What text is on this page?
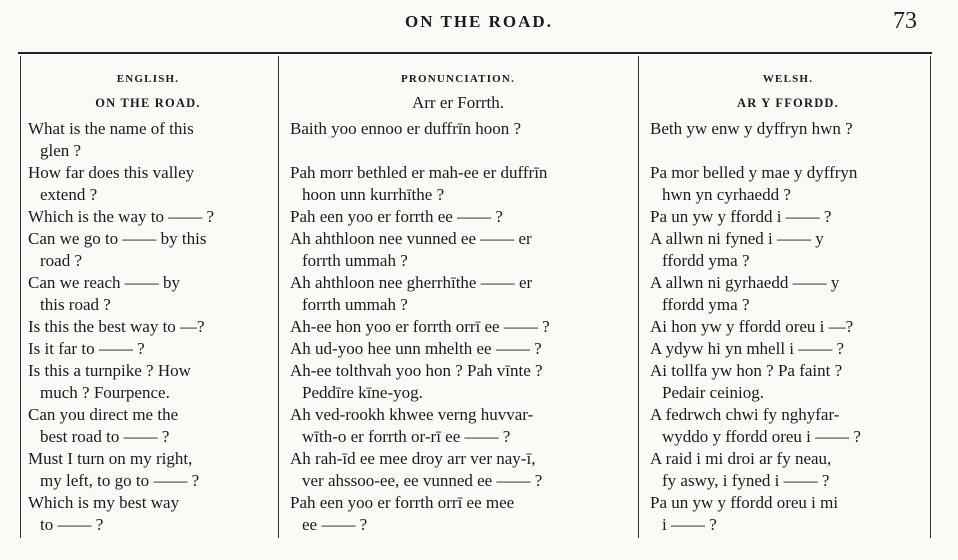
ON THE ROAD.	73
ENGLISH.
ON THE ROAD.
What is the name of this
glen ?
How far does this valley
extend ?
Which is the way to —— ?
Can we go to —— by this
road ?
Can we reach —— by
this road ?
Is this the best way to —?
Is it far to —— ?
Is this a turnpike ? How
much ? Fourpence.
Can you direct me the
best road to —— ?
Must I turn on my right,
my left, to go to —— ?
Which is my best way
to —— ?
PRONUNCIATION.
Arr er Forrth.
Baith yoo ennoo er duffrīn hoon ?
Pah morr bethled er mah-ee er duffrīn
hoon unn kurrhīthe ?
Pah een yoo er forrth ee —— ?
Ah ahthloon nee vunned ee —— er
forrth ummah ?
Ah ahthloon nee gherrhīthe —— er
forrth ummah ?
Ah-ee hon yoo er forrth orrī ee —— ?
Ah ud-yoo hee unn mhelth ee —— ?
Ah-ee tolthvah yoo hon ? Pah vīnte ?
Peddīre kīne-yog.
Ah ved-rookh khwee verng huvvar-
wīth-o er forrth or-rī ee —— ?
Ah rah-īd ee mee droy arr ver nay-ī,
ver ahssoo-ee, ee vunned ee —— ?
Pah een yoo er forrth orrī ee mee
ee —— ?
WELSH.
AR Y FFORDD.
Beth yw enw y dyffryn hwn ?
Pa mor belled y mae y dyffryn
hwn yn cyrhaedd ?
Pa un yw y ffordd i —— ?
A allwn ni fyned i —— y
ffordd yma ?
A allwn ni gyrhaedd —— y
ffordd yma ?
Ai hon yw y ffordd oreu i —?
A ydyw hi yn mhell i —— ?
Ai tollfa yw hon ? Pa faint ?
Pedair ceiniog.
A fedrwch chwi fy nghyfar-
wyddo y ffordd oreu i —— ?
A raid i mi droi ar fy neau,
fy aswy, i fyned i —— ?
Pa un yw y ffordd oreu i mi
i —— ?
